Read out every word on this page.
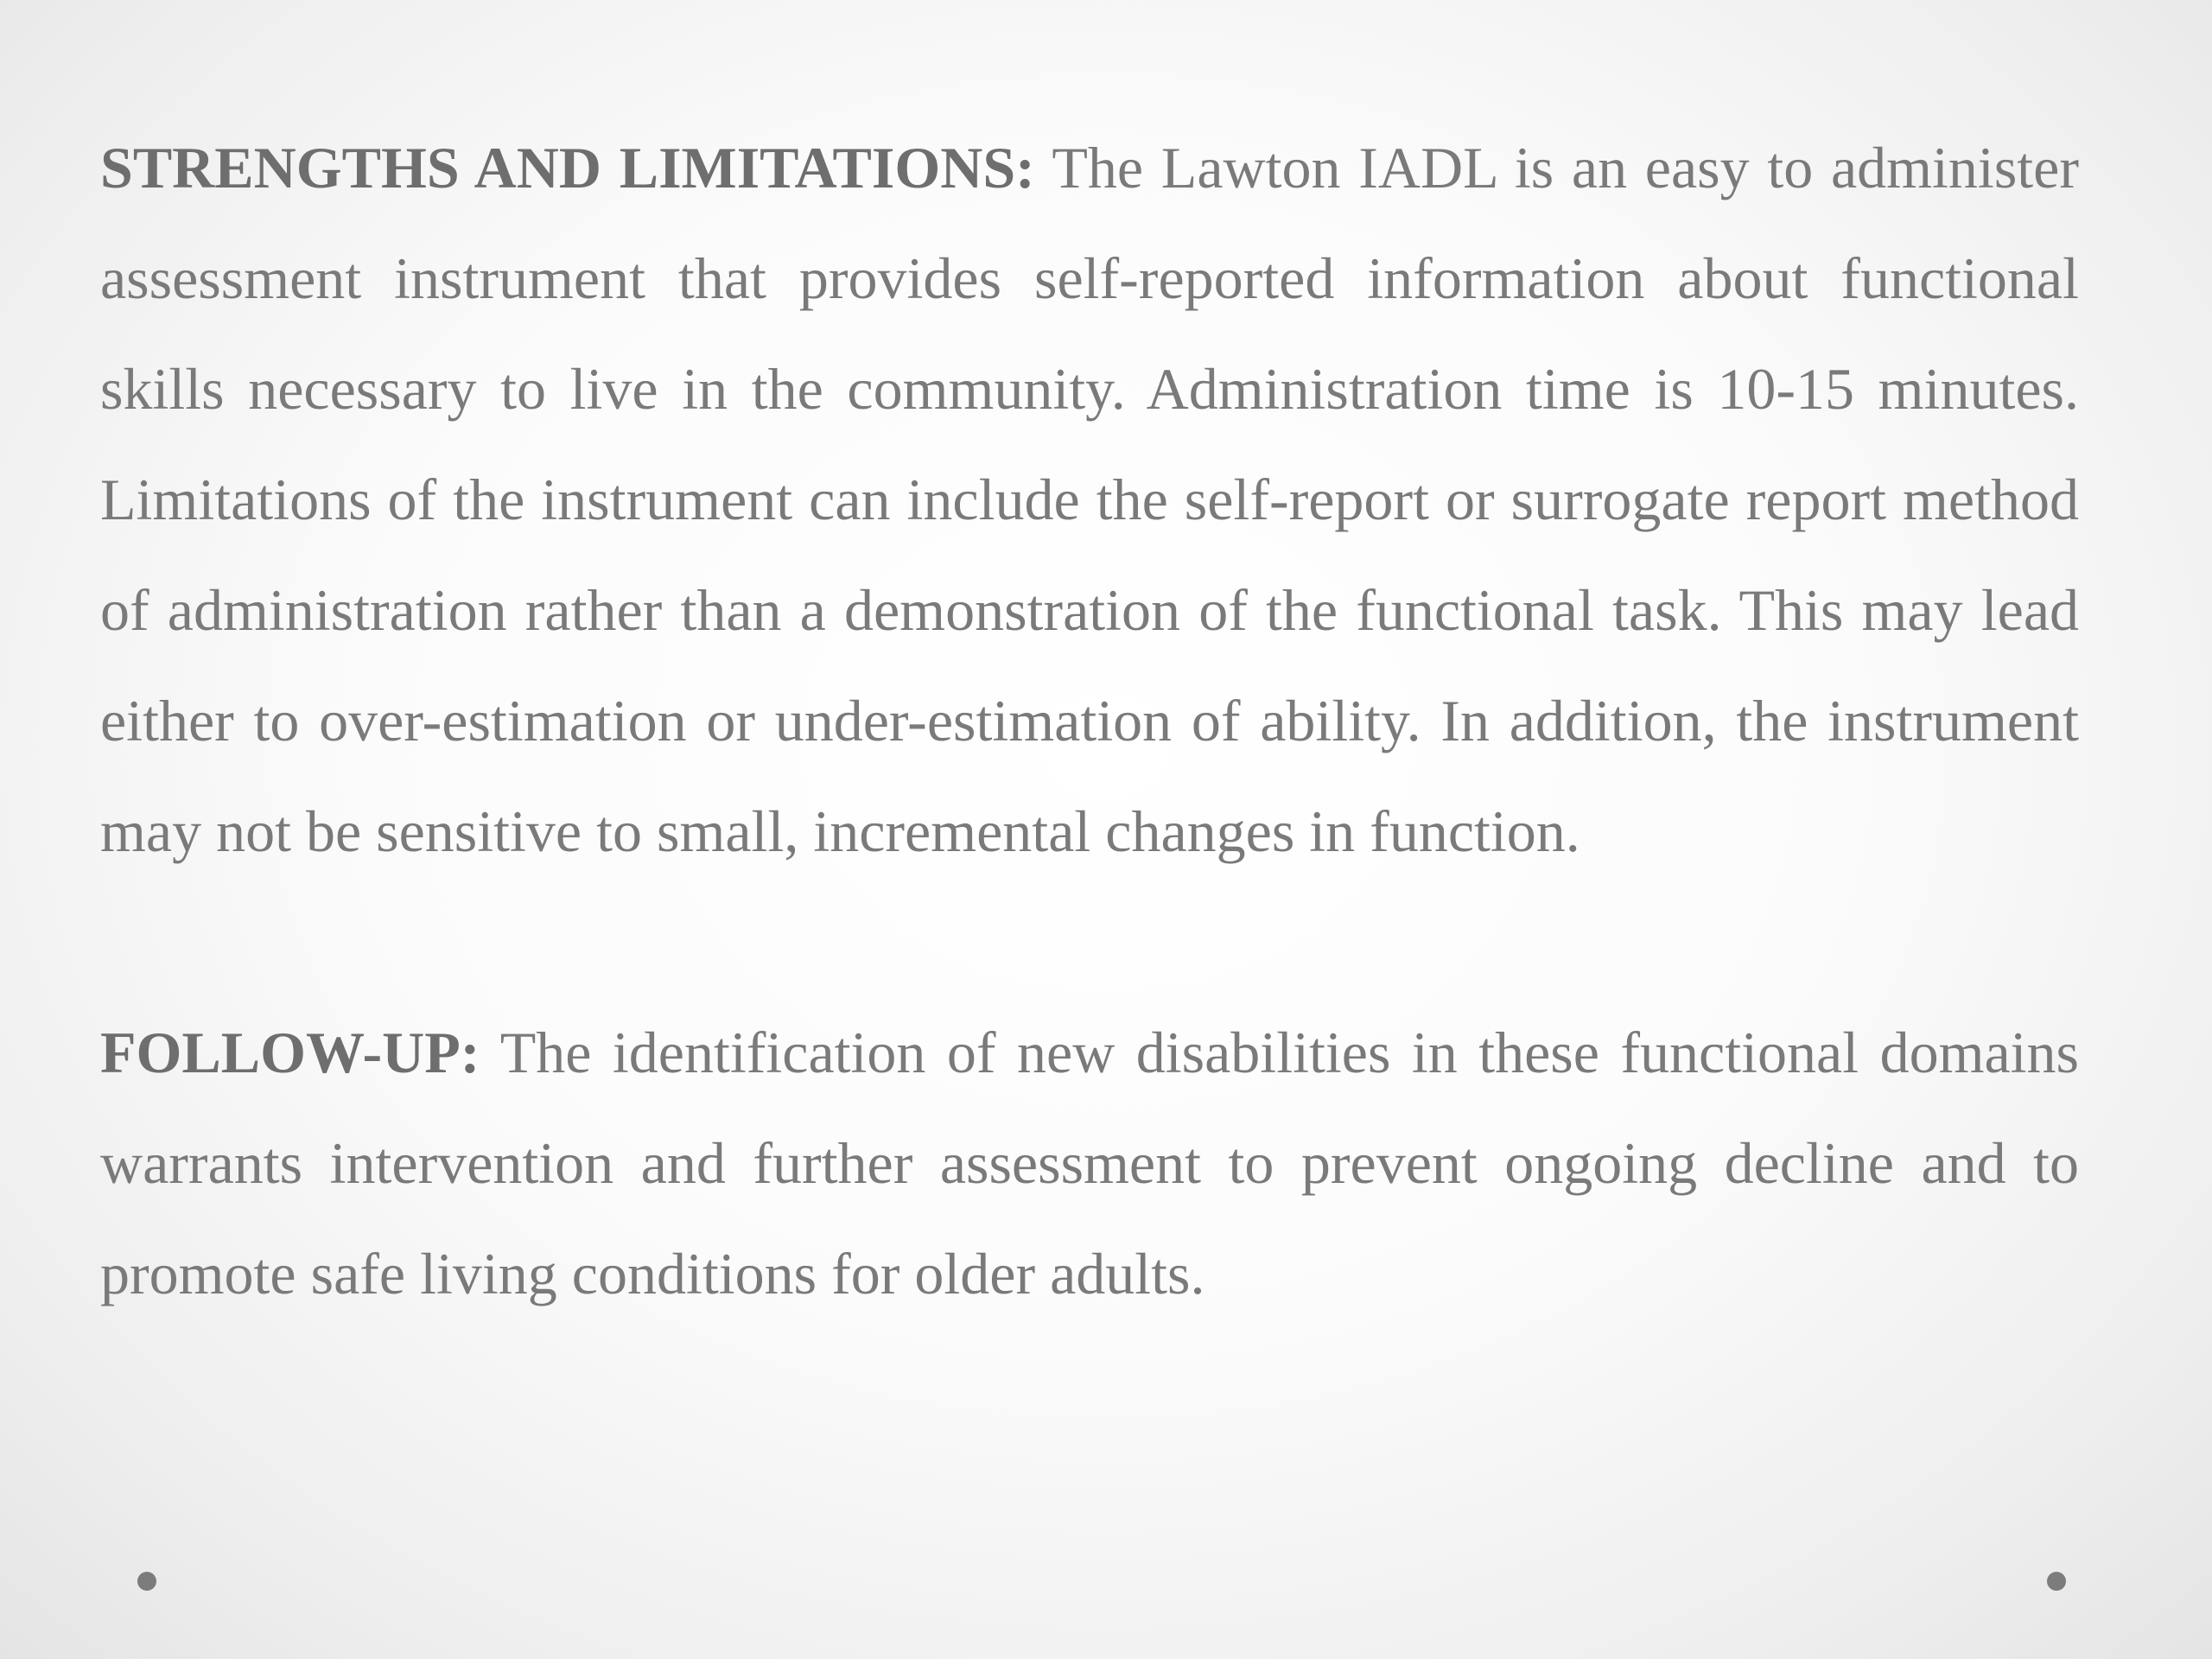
STRENGTHS AND LIMITATIONS: The Lawton IADL is an easy to administer assessment instrument that provides self-reported information about functional skills necessary to live in the community. Administration time is 10-15 minutes. Limitations of the instrument can include the self-report or surrogate report method of administration rather than a demonstration of the functional task. This may lead either to over-estimation or under-estimation of ability. In addition, the instrument may not be sensitive to small, incremental changes in function.

FOLLOW-UP: The identification of new disabilities in these functional domains warrants intervention and further assessment to prevent ongoing decline and to promote safe living conditions for older adults.
